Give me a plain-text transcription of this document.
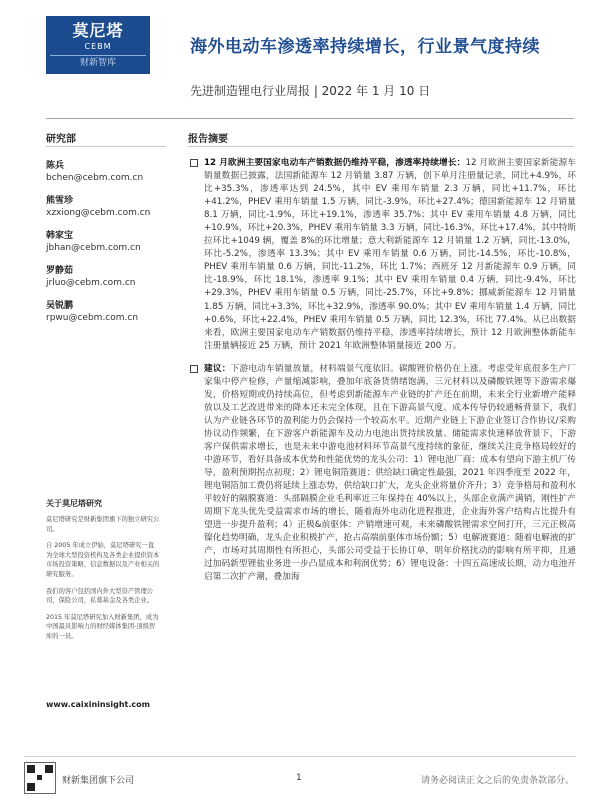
莫尼塔
CEBM
财新智库
海外电动车渗透率持续增长，行业景气度持续
先进制造锂电行业周报 | 2022 年 1 月 10 日
研究部	报告摘要
陈兵
bchen@cebm.com.cn
熊雪珍
xzxiong@cebm.com.cn
韩家宝
jbhan@cebm.com.cn
罗静茹
jrluo@cebm.com.cn
吴锐鹏
rpwu@cebm.com.cn
关于莫尼塔研究

莫尼塔研究是财新集团旗下的独立研究公司。

自 2005 年成立伊始，莫尼塔研究一直为全球大型投资机构及各类企业提供资本市场投资策略、信息数据以及产业相关的研究服务。

我们的客户包括国内外大型资产管理公司，保险公司，私募基金及各类企业。

2015 年莫尼塔研究加入财新集团，成为中国最具影响力的财经媒体集团-顶级智库的一员。

www.caixininsight.com

12 月欧洲主要国家电动车产销数据仍维持平稳，渗透率持续增长：12 月欧洲主要国家新能源车销量数据已披露，法国新能源车 12 月销量 3.87 万辆，创下单月注册量记录，同比+4.9%，环比+35.3%，渗透率达到 24.5%，其中 EV 乘用车销量 2.3 万辆，同比+11.7%，环比+41.2%，PHEV 乘用车销量 1.5 万辆，同比-3.9%，环比+27.4%；德国新能源车 12 月销量 8.1 万辆，同比-1.9%，环比+19.1%，渗透率 35.7%；其中 EV 乘用车销量 4.8 万辆，同比+10.9%，环比+20.3%，PHEV 乘用车销量 3.3 万辆，同比-16.3%，环比+17.4%，其中特斯拉环比+1049 辆，覆盖 8%的环比增量；意大利新能源车 12 月销量 1.2 万辆，同比-13.0%，环比-5.2%，渗透率 13.3%；其中 EV 乘用车销量 0.6 万辆，同比-14.5%，环比-10.8%，PHEV 乘用车销量 0.6 万辆，同比-11.2%，环比 1.7%；西班牙 12 月新能源车 0.9 万辆，同比-18.9%，环比 18.1%，渗透率 9.1%；其中 EV 乘用车销量 0.4 万辆，同比-9.4%，环比+29.3%，PHEV 乘用车销量 0.5 万辆，同比-25.7%，环比+9.8%；挪威新能源车 12 月销量 1.85 万辆，同比+3.3%，环比+32.9%，渗透率 90.0%；其中 EV 乘用车销量 1.4 万辆，同比+0.6%，环比+22.4%，PHEV 乘用车销量 0.5 万辆，同比 12.3%，环比 77.4%。从已出数据来看，欧洲主要国家电动车产销数据仍维持平稳，渗透率持续增长，预计 12 月欧洲整体新能车注册量辆接近 25 万辆，预计 2021 年欧洲整体销量接近 200 万。

建议：下游电动车销量放量，材料端景气度依旧。碳酸锂价格仍在上涨。考虑受年底很多生产厂家集中停产检修，产量缩减影响，叠加年底备货情绪饱满，三元材料以及磷酸铁锂等下游需求爆发，价格短期或仍持续高位，但考虑到新能源车产业链的扩产还在前期，未来全行业新增产能释放以及工艺改进带来的降本还未完全体现，且在下游高景气度、成本传导仍较通畅背景下，我们认为产业链各环节的盈利能力仍会保持一个较高水平。近期产业链上下游企业签订合作协议/采购协议动作频繁，在下游客户新能源车及动力电池出货持续放量、储能需求快速释放背景下，下游客户保供需求增长，也是未来中游电池材料环节高景气度持续的象征，继续关注竞争格局较好的中游环节，看好具备成本优势和性能优势的龙头公司：1）锂电池厂商：成本有望向下游主机厂传导，盈利预期拐点初现；2）锂电铜箔赛道：供给缺口确定性最强，2021 年四季度至 2022 年，锂电铜箔加工费仍将延续上涨态势，供给缺口扩大，龙头企业将量价齐升；3）竞争格局和盈利水平较好的隔膜赛道：头部隔膜企业毛利率近三年保持在 40%以上，头部企业满产满销，刚性扩产周期下龙头优先受益需求市场的增长，随着海外电动化进程推进，企业海外客户结构占比提升有望进一步提升盈利；4）正极&前驱体：产销增速可观，未来磷酸铁锂需求空间打开，三元正极高镍化趋势明确，龙头企业积极扩产，抢占高端前驱体市场份额；5）电解液赛道：随着电解液的扩产，市场对其周期性有所担心，头部公司受益于长协订单，明年价格扰动的影响有所平抑，且通过加码新型锂盐业务进一步凸显成本和利润优势；6）锂电设备：十四五高速成长期，动力电池开启第二次扩产潮，叠加海

财新集团旗下公司	1	请务必阅读正文之后的免责条款部分。
